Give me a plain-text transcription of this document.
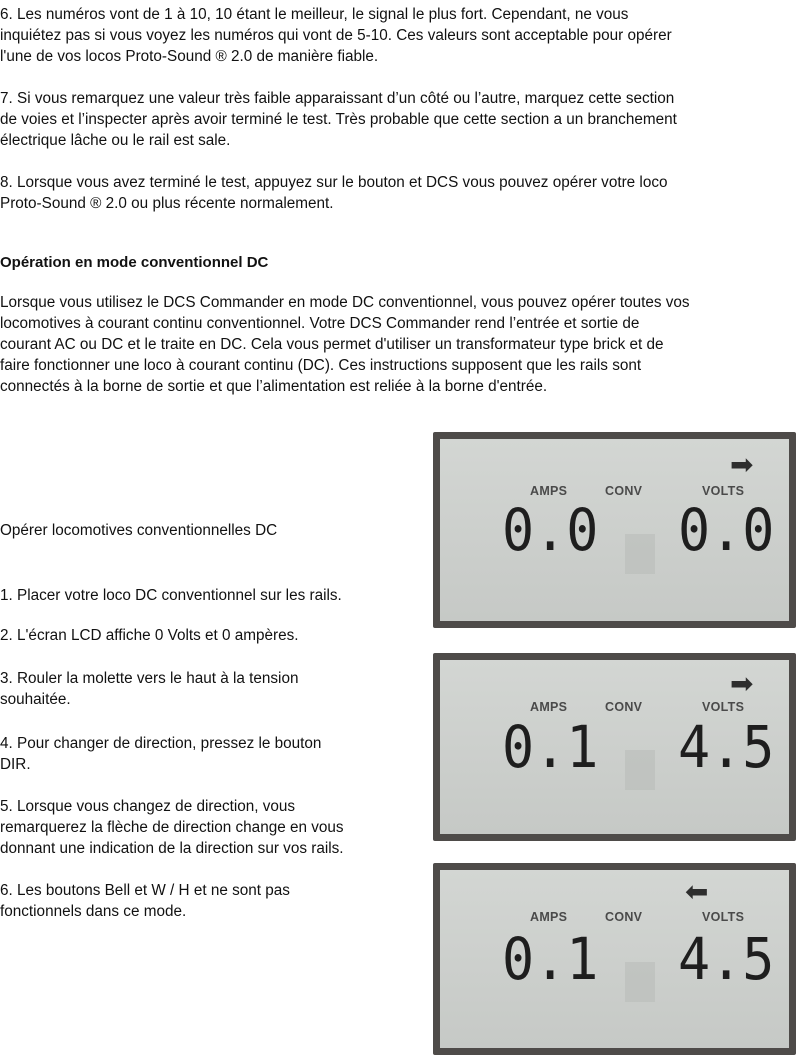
6. Les numéros vont de 1 à 10, 10 étant le meilleur, le signal le plus fort. Cependant, ne vous
inquiétez pas si vous voyez les numéros qui vont de 5-10. Ces valeurs sont acceptable pour opérer
l'une de vos locos Proto-Sound ® 2.0 de manière fiable.

7. Si vous remarquez une valeur très faible apparaissant d’un côté ou l’autre, marquez cette section
de voies et l’inspecter après avoir terminé le test. Très probable que cette section a un branchement
électrique lâche ou le rail est sale.

8. Lorsque vous avez terminé le test, appuyez sur le bouton et DCS vous pouvez opérer votre loco
Proto-Sound ® 2.0 ou plus récente normalement.

Opération en mode conventionnel DC

Lorsque vous utilisez le DCS Commander en mode DC conventionnel, vous pouvez opérer toutes vos
locomotives à courant continu conventionnel. Votre DCS Commander rend l’entrée et sortie de
courant AC ou DC et le traite en DC. Cela vous permet d'utiliser un transformateur type brick et de
faire fonctionner une loco à courant continu (DC). Ces instructions supposent que les rails sont
connectés à la borne de sortie et que l’alimentation est reliée à la borne d'entrée.

Opérer locomotives conventionnelles DC

1. Placer votre loco DC conventionnel sur les rails.

2. L'écran LCD affiche 0 Volts et 0 ampères.

3. Rouler la molette vers le haut à la tension
souhaitée.

4. Pour changer de direction, pressez le bouton
DIR.

5. Lorsque vous changez de direction, vous
remarquerez la flèche de direction change en vous
donnant une indication de la direction sur vos rails.

6. Les boutons Bell et W / H et ne sont pas
fonctionnels dans ce mode.

➡
AMPS	CONV	VOLTS
0.0 0.0
➡
AMPS	CONV	VOLTS
0.1 4.5
⬅
AMPS	CONV	VOLTS
0.1 4.5
